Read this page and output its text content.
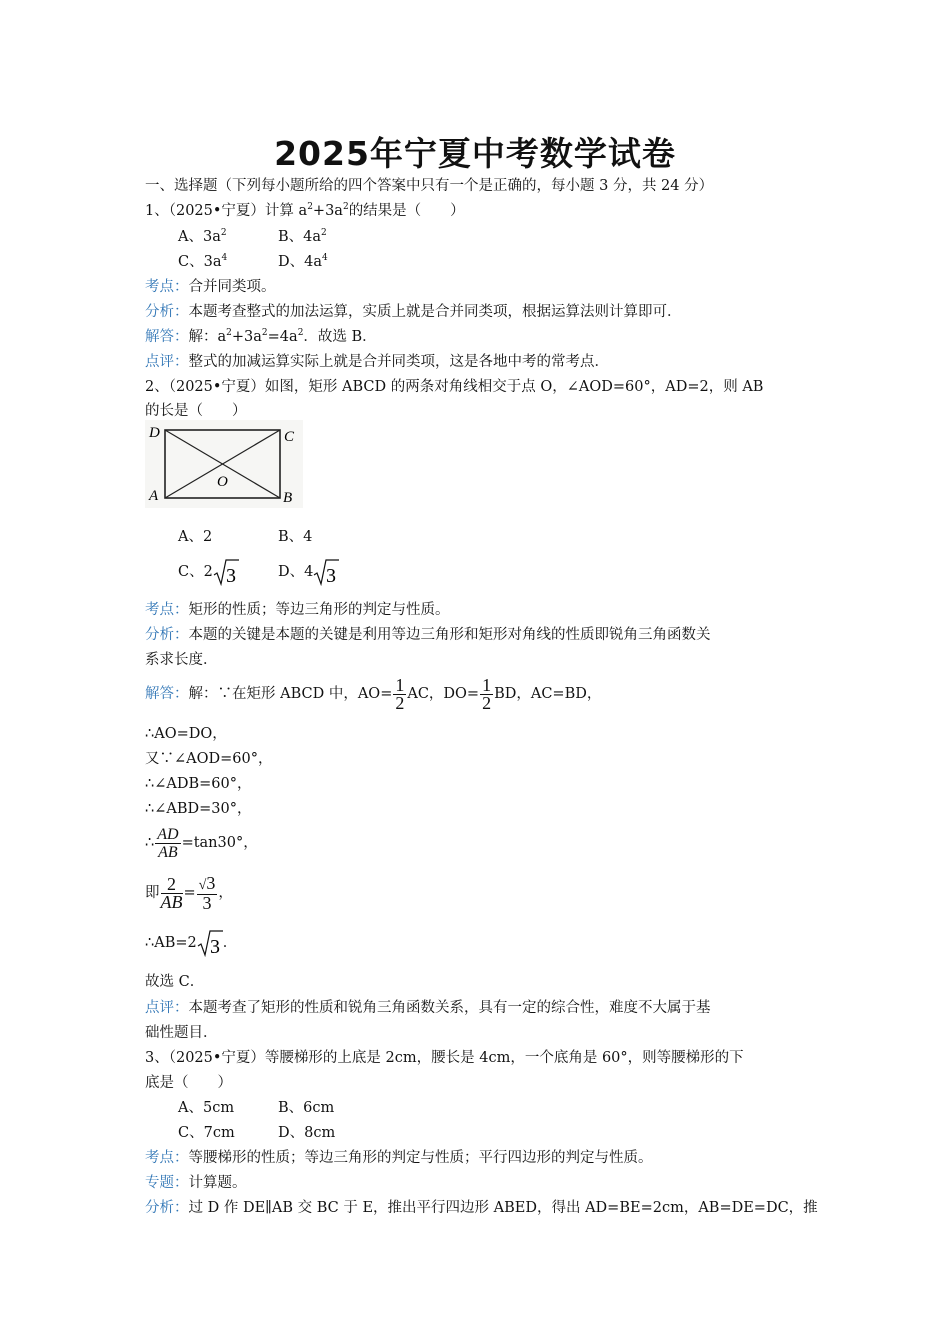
2025年宁夏中考数学试卷
一、选择题（下列每小题所给的四个答案中只有一个是正确的，每小题 3 分，共 24 分）
1、（2025•宁夏）计算 $a^2+3a^2$的结果是（　　）
A、$3a^2$	B、$4a^2$
C、$3a^4$	D、$4a^4$
考点：合并同类项。
分析：本题考查整式的加法运算，实质上就是合并同类项，根据运算法则计算即可．
解答：解：$a^2+3a^2=4a^2$．故选 B．
点评：整式的加减运算实际上就是合并同类项，这是各地中考的常考点．
2、（2025•宁夏）如图，矩形 ABCD 的两条对角线相交于点 O，∠AOD=60°，AD=2，则 AB
的长是（　　）
D	C
A	B
O
A、2	B、4
C、2 3	D、4 3
考点：矩形的性质；等边三角形的判定与性质。
分析：本题的关键是本题的关键是利用等边三角形和矩形对角线的性质即锐角三角函数关
系求长度．
解答：解：∵在矩形 ABCD 中，$AO= \frac{1}{2}$ AC，$DO= \frac{1}{2}$ BD，AC=BD，
∴AO=DO，
又∵∠AOD=60°，
∴∠ADB=60°，
∴∠ABD=30°，
∴ $\frac{AD}{AB} =\tan 30^\circ$，
即 $\frac{2}{AB} = \frac{√3}{3}$ ，
∴AB=2 3 ．
故选 C．
点评：本题考查了矩形的性质和锐角三角函数关系，具有一定的综合性，难度不大属于基
础性题目．
3、（2025•宁夏）等腰梯形的上底是 2cm，腰长是 4cm，一个底角是 60°，则等腰梯形的下
底是（　　）
A、5cm	B、6cm
C、7cm	D、8cm
考点：等腰梯形的性质；等边三角形的判定与性质；平行四边形的判定与性质。
专题：计算题。
分析：过 D 作 DE∥AB 交 BC 于 E，推出平行四边形 ABED，得出 AD=BE=2cm，AB=DE=DC，推
